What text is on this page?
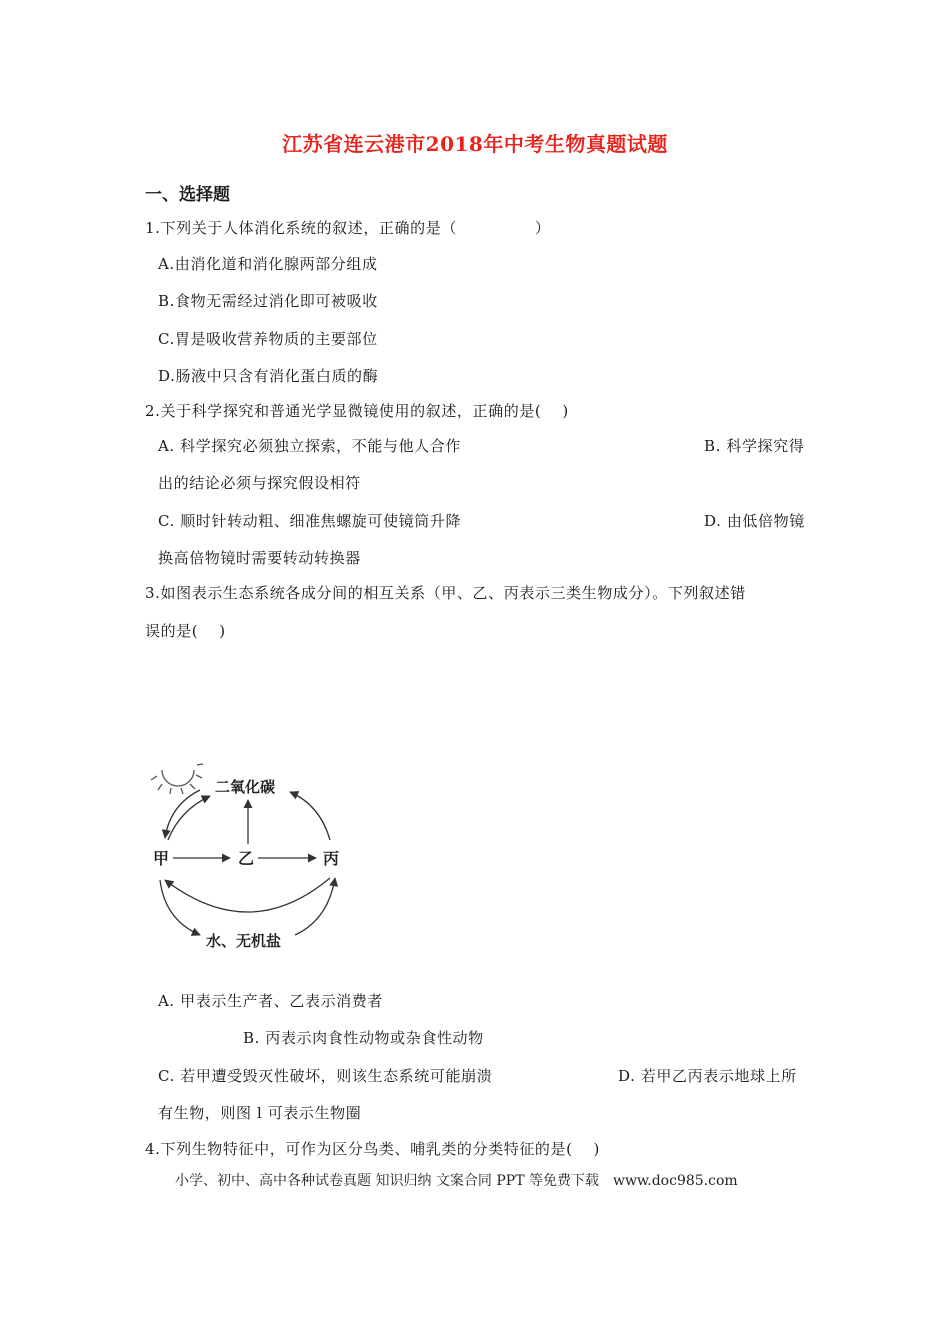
江苏省连云港市2018年中考生物真题试题
一、选择题
1.下列关于人体消化系统的叙述，正确的是（　　　　　）
A.由消化道和消化腺两部分组成
B.食物无需经过消化即可被吸收
C.胃是吸收营养物质的主要部位
D.肠液中只含有消化蛋白质的酶
2.关于科学探究和普通光学显微镜使用的叙述，正确的是(　 )
A. 科学探究必须独立探索，不能与他人合作	B. 科学探究得
出的结论必须与探究假设相符
C. 顺时针转动粗、细准焦螺旋可使镜筒升降	D. 由低倍物镜
换高倍物镜时需要转动转换器
3.如图表示生态系统各成分间的相互关系（甲、乙、丙表示三类生物成分）。下列叙述错
误的是(　 )
二氧化碳
甲	乙	丙
水、无机盐
A. 甲表示生产者、乙表示消费者
B. 丙表示肉食性动物或杂食性动物
C. 若甲遭受毁灭性破坏，则该生态系统可能崩溃	D. 若甲乙丙表示地球上所
有生物，则图 l 可表示生物圈
4.下列生物特征中，可作为区分鸟类、哺乳类的分类特征的是(　 )
小学、初中、高中各种试卷真题 知识归纳 文案合同 PPT 等免费下载　www.doc985.com
